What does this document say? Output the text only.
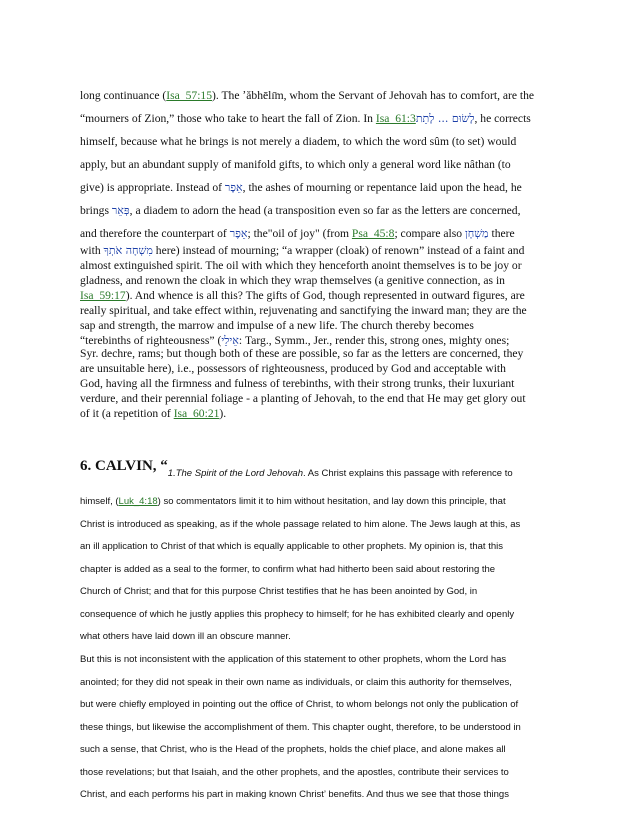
long continuance (Isa_57:15). The ʼăbhēlı̄m, whom the Servant of Jehovah has to comfort, are the
“mourners of Zion,” those who take to heart the fall of Zion. In Isa_61:3לָשׂוּם ... לָתֵת, he corrects
himself, because what he brings is not merely a diadem, to which the word sûm (to set) would
apply, but an abundant supply of manifold gifts, to which only a general word like nâthan (to
give) is appropriate. Instead of אֵפֶר, the ashes of mourning or repentance laid upon the head, he
brings פְּאֵר, a diadem to adorn the head (a transposition even so far as the letters are concerned,
and therefore the counterpart of אֵפֶר; the"oil of joy" (from Psa_45:8; compare also מַשְׁחָן there
with מִשְׁחָה אֹתְךָ here) instead of mourning; “a wrapper (cloak) of renown” instead of a faint and
almost extinguished spirit. The oil with which they henceforth anoint themselves is to be joy or
gladness, and renown the cloak in which they wrap themselves (a genitive connection, as in
Isa_59:17). And whence is all this? The gifts of God, though represented in outward figures, are
really spiritual, and take effect within, rejuvenating and sanctifying the inward man; they are the
sap and strength, the marrow and impulse of a new life. The church thereby becomes
“terebinths of righteousness” (אֵילֵי: Targ., Symm., Jer., render this, strong ones, mighty ones;
Syr. dechre, rams; but though both of these are possible, so far as the letters are concerned, they
are unsuitable here), i.e., possessors of righteousness, produced by God and acceptable with
God, having all the firmness and fulness of terebinths, with their strong trunks, their luxuriant
verdure, and their perennial foliage - a planting of Jehovah, to the end that He may get glory out
of it (a repetition of Isa_60:21).
6. CALVIN, “$_{1.The Spirit of the Lord Jehovah. As Christ explains this passage with reference to}$
himself, (Luk_4:18) so commentators limit it to him without hesitation, and lay down this principle, that
Christ is introduced as speaking, as if the whole passage related to him alone. The Jews laugh at this, as
an ill application to Christ of that which is equally applicable to other prophets. My opinion is, that this
chapter is added as a seal to the former, to confirm what had hitherto been said about restoring the
Church of Christ; and that for this purpose Christ testifies that he has been anointed by God, in
consequence of which he justly applies this prophecy to himself; for he has exhibited clearly and openly
what others have laid down ill an obscure manner.
But this is not inconsistent with the application of this statement to other prophets, whom the Lord has
anointed; for they did not speak in their own name as individuals, or claim this authority for themselves,
but were chiefly employed in pointing out the office of Christ, to whom belongs not only the publication of
these things, but likewise the accomplishment of them. This chapter ought, therefore, to be understood in
such a sense, that Christ, who is the Head of the prophets, holds the chief place, and alone makes all
those revelations; but that Isaiah, and the other prophets, and the apostles, contribute their services to
Christ, and each performs his part in making known Christ’ benefits. And thus we see that those things
